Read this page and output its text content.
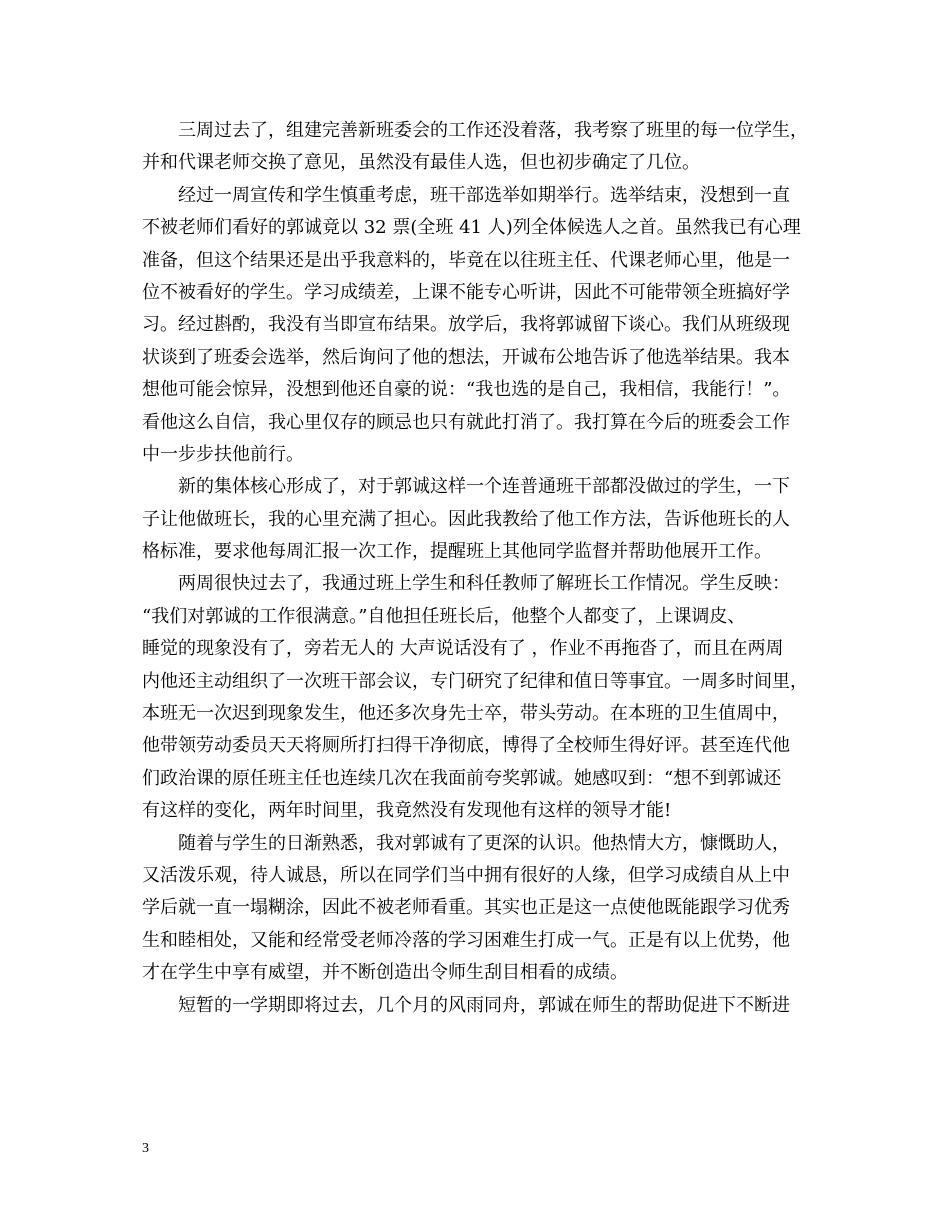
三周过去了，组建完善新班委会的工作还没着落，我考察了班里的每一位学生，
并和代课老师交换了意见，虽然没有最佳人选，但也初步确定了几位。
经过一周宣传和学生慎重考虑，班干部选举如期举行。选举结束，没想到一直
不被老师们看好的郭诚竟以 32 票(全班 41 人)列全体候选人之首。虽然我已有心理
准备，但这个结果还是出乎我意料的，毕竟在以往班主任、代课老师心里，他是一
位不被看好的学生。学习成绩差，上课不能专心听讲，因此不可能带领全班搞好学
习。经过斟酌，我没有当即宣布结果。放学后，我将郭诚留下谈心。我们从班级现
状谈到了班委会选举，然后询问了他的想法，开诚布公地告诉了他选举结果。我本
想他可能会惊异，没想到他还自豪的说：“我也选的是自己，我相信，我能行！”。
看他这么自信，我心里仅存的顾忌也只有就此打消了。我打算在今后的班委会工作
中一步步扶他前行。
新的集体核心形成了，对于郭诚这样一个连普通班干部都没做过的学生，一下
子让他做班长，我的心里充满了担心。因此我教给了他工作方法，告诉他班长的人
格标准，要求他每周汇报一次工作，提醒班上其他同学监督并帮助他展开工作。
两周很快过去了，我通过班上学生和科任教师了解班长工作情况。学生反映：
“我们对郭诚的工作很满意。”自他担任班长后，他整个人都变了，上课调皮、
睡觉的现象没有了，旁若无人的 大声说话没有了 ，作业不再拖沓了，而且在两周
内他还主动组织了一次班干部会议，专门研究了纪律和值日等事宜。一周多时间里，
本班无一次迟到现象发生，他还多次身先士卒，带头劳动。在本班的卫生值周中，
他带领劳动委员天天将厕所打扫得干净彻底，博得了全校师生得好评。甚至连代他
们政治课的原任班主任也连续几次在我面前夸奖郭诚。她感叹到：“想不到郭诚还
有这样的变化，两年时间里，我竟然没有发现他有这样的领导才能!
随着与学生的日渐熟悉，我对郭诚有了更深的认识。他热情大方，慷慨助人，
又活泼乐观，待人诚恳，所以在同学们当中拥有很好的人缘，但学习成绩自从上中
学后就一直一塌糊涂，因此不被老师看重。其实也正是这一点使他既能跟学习优秀
生和睦相处，又能和经常受老师冷落的学习困难生打成一气。正是有以上优势，他
才在学生中享有威望，并不断创造出令师生刮目相看的成绩。
短暂的一学期即将过去，几个月的风雨同舟，郭诚在师生的帮助促进下不断进
3
